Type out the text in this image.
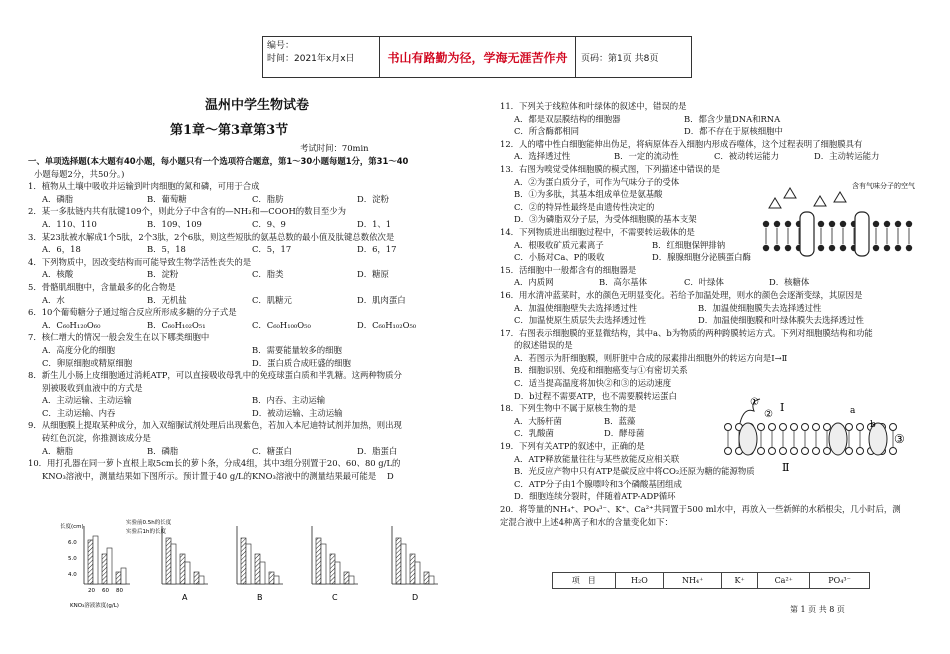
编号：
时间：2021年x月x日	书山有路勤为径，学海无涯苦作舟	页码：第1页 共8页
温州中学生物试卷
第1章～第3章第3节
考试时间：70min

一、单项选择题(本大题有40小题，每小题只有一个选项符合题意，第1～30小题每题1分，第31～40

小题每题2分，共50分。)

1．植物从土壤中吸收并运输到叶肉细胞的氮和磷，可用于合成

A．磷脂	B．葡萄糖	C．脂肪	D．淀粉

2．某一多肽链内共有肽键109个，则此分子中含有的—NH₂和—COOH的数目至少为

A．110、110	B．109、109	C．9、9	D．1、1

3．某23肽被水解成1个5肽，2个3肽，2个6肽，则这些短肽的氨基总数的最小值及肽键总数依次是

A．6，18	B．5，18	C．5，17	D．6，17

4．下列物质中，因改变结构而可能导致生物学活性丧失的是

A．核酸	B．淀粉	C．脂类	D．糖原

5．骨骼肌细胞中，含量最多的化合物是

A．水	B．无机盐	C．肌糖元	D．肌肉蛋白

6．10个葡萄糖分子通过缩合反应所形成多糖的分子式是

A．C₆₀H₁₂₀O₆₀	B．C₆₀H₁₀₂O₅₁	C．C₆₀H₁₀₀O₅₀	D．C₆₀H₁₀₂O₅₀

7．核仁增大的情况一般会发生在以下哪类细胞中

A．高度分化的细胞	B．需要能量较多的细胞
C．卵原细胞或精原细胞	D．蛋白质合成旺盛的细胞

8．新生儿小肠上皮细胞通过消耗ATP，可以直接吸收母乳中的免疫球蛋白质和半乳糖。这两种物质分

别被吸收到血液中的方式是

A．主动运输、主动运输	B．内吞、主动运输
C．主动运输、内吞	D．被动运输、主动运输

9．从细胞膜上提取某种成分，加入双缩脲试剂处理后出现紫色，若加入本尼迪特试剂并加热，则出现

砖红色沉淀，你推测该成分是

A．糖脂	B．磷脂	C．糖蛋白	D．脂蛋白

10．用打孔器在同一萝卜直根上取5cm长的萝卜条，分成4组，其中3组分别置于20、60、80 g/L的

KNO₃溶液中，测量结果如下图所示。预计置于40 g/L的KNO₃溶液中的测量结果最可能是 D

A	B	C	D
长度(cm)
实验前0.5h的长度
实验后1h的长度
KNO₃溶液浓度(g/L)
20 60 80
4.0
5.0
6.0

11．下列关于线粒体和叶绿体的叙述中，错误的是

A．都是双层膜结构的细胞器	B．都含少量DNA和RNA
C．所含酶都相同	D．都不存在于原核细胞中

12．人的嗜中性白细胞能伸出伪足，将病原体吞入细胞内形成吞噬体，这个过程表明了细胞膜具有

A．选择透过性	B．一定的流动性	C．被动转运能力	D．主动转运能力

13．右图为嗅觉受体细胞膜的模式图，下列描述中错误的是

A．②为蛋白质分子，可作为气味分子的受体

B．①为多肽，其基本组成单位是氨基酸

C．②的特异性最终是由遗传性决定的

D．③为磷脂双分子层，为受体细胞膜的基本支架

14．下列物质进出细胞过程中，不需要转运载体的是

A．根吸收矿质元素离子	B．红细胞保钾排钠
C．小肠对Ca、P的吸收	D．腺腺细胞分泌胰蛋白酶

15．活细胞中一般都含有的细胞器是

A．内质网	B．高尔基体	C．叶绿体	D．核糖体

16．用水清冲蓝菜时，水的颜色无明显变化。若给予加温处理，则水的颜色会逐渐变绿，其原因是

A．加温使细胞壁失去选择透过性	B．加温使细胞膜失去选择透过性
C．加温使原生质层失去选择透过性	D．加温使细胞膜和叶绿体膜失去选择透过性

17．右图表示细胞膜的亚显微结构，其中a、b为物质的两种跨膜转运方式。下列对细胞膜结构和功能

的叙述错误的是

A．若图示为肝细胞膜，则肝脏中合成的尿素排出细胞外的转运方向是Ⅰ→Ⅱ

B．细胞识别、免疫和细胞癌变与①有密切关系

C．适当提高温度将加快②和③的运动速度

D．b过程不需要ATP，也不需要膜转运蛋白

18．下列生物中不属于原核生物的是

A．大肠杆菌	B．蓝藻
C．乳酸菌	D．酵母菌

19．下列有关ATP的叙述中，正确的是

A．ATP释放能量往往与某些放能反应相关联

B．光反应产物中只有ATP是碳反应中将CO₂还原为糖的能源物质

C．ATP分子由1个腺嘌呤和3个磷酸基团组成

D．细胞连续分裂时，伴随着ATP-ADP循环

20．将等量的NH₄⁺、PO₄³⁻、K⁺、Ca²⁺共同置于500 ml水中，再放入一些新鲜的水稻根尖，几小时后，测

定混合液中上述4种离子和水的含量变化如下：

含有气味分子的空气
Ⅰ
Ⅱ
a
b
①
②
③
项　目	H₂O	NH₄⁺	K⁺	Ca²⁺	PO₄³⁻
第 1 页 共 8 页
